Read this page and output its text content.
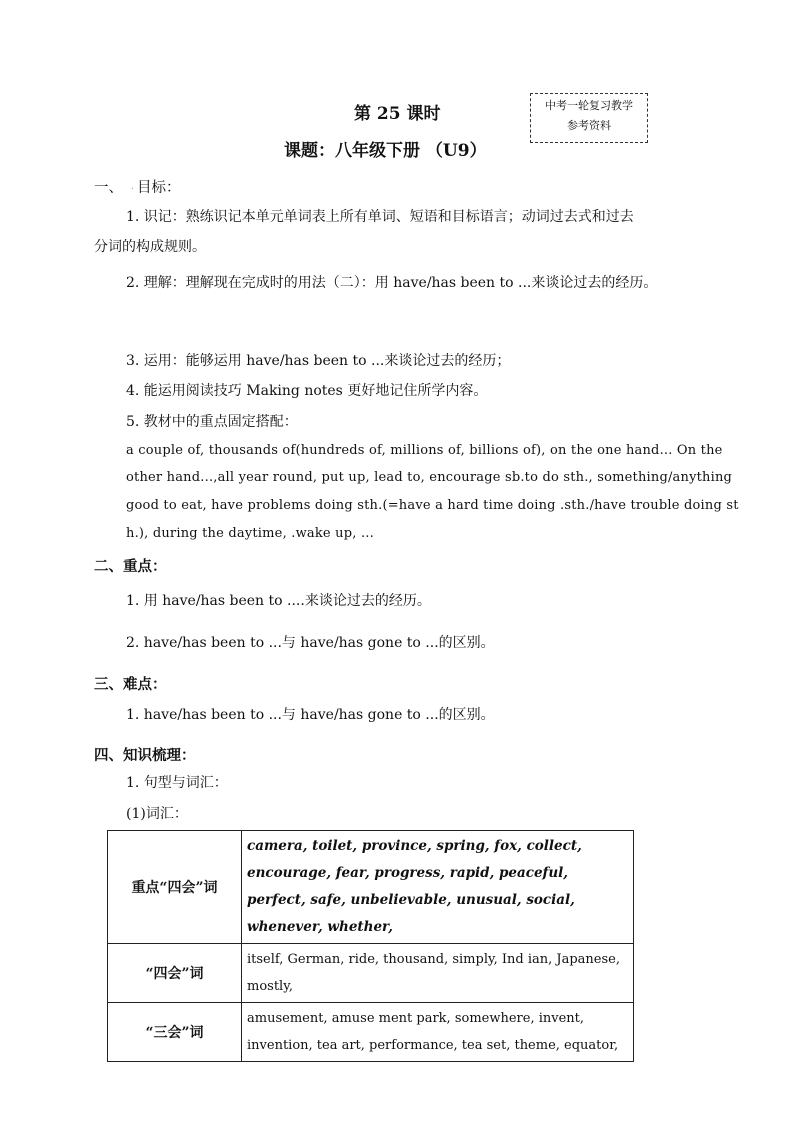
第 25 课时
课题：八年级下册 （U9）
中考一轮复习教学
参考资料
一、 . 目标：
1. 识记：熟练识记本单元单词表上所有单词、短语和目标语言；动词过去式和过去
分词的构成规则。
2. 理解：理解现在完成时的用法（二）：用 have/has been to ...来谈论过去的经历。
3. 运用：能够运用 have/has been to ...来谈论过去的经历；
4. 能运用阅读技巧 Making notes 更好地记住所学内容。
5. 教材中的重点固定搭配：
a couple of, thousands of(hundreds of, millions of, billions of), on the one hand... On the
other hand...,all year round, put up, lead to, encourage sb.to do sth., something/anything
good to eat, have problems doing sth.(=have a hard time doing .sth./have trouble doing st
h.), during the daytime, .wake up, …
二、重点：
1. 用 have/has been to ....来谈论过去的经历。
2. have/has been to ...与 have/has gone to ...的区别。
三、难点：
1. have/has been to ...与 have/has gone to ...的区别。
四、知识梳理：
1. 句型与词汇：
(1)词汇：
重点“四会”词	camera, toilet, province, spring, fox, collect, encourage, fear, progress, rapid, peaceful, perfect, safe, unbelievable, unusual, social, whenever, whether,
“四会”词	itself, German, ride, thousand, simply, Ind ian, Japanese, mostly,
“三会”词	amusement, amuse ment park, somewhere, invent, invention, tea art, performance, tea set, theme, equator,
